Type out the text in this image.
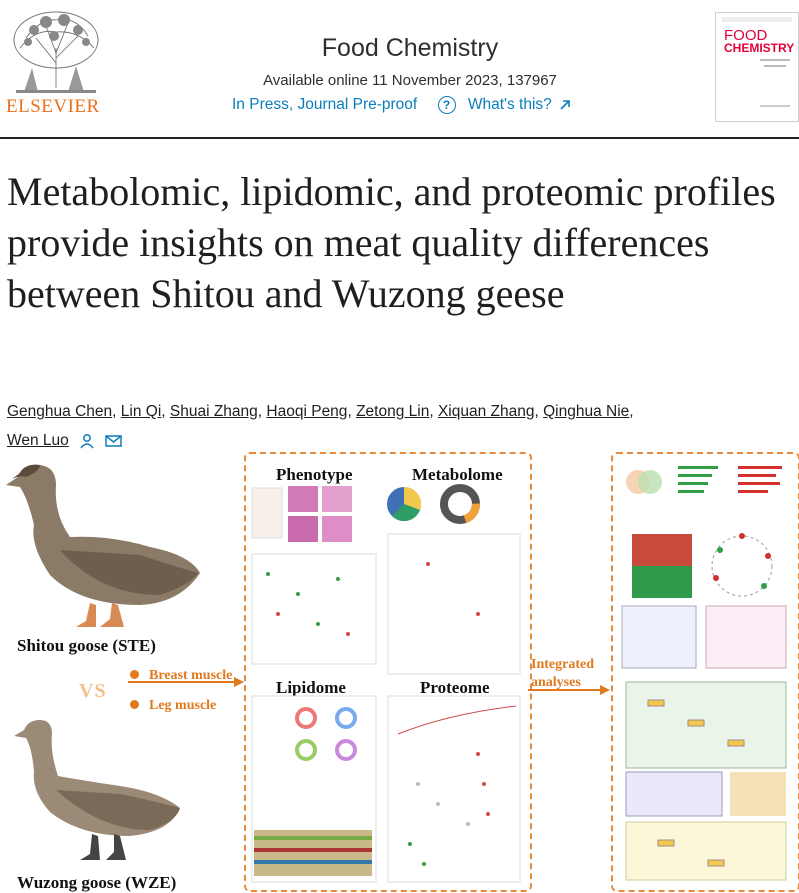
ELSEVIER
Food Chemistry
Available online 11 November 2023, 137967
In Press, Journal Pre-proof ? What's this?
FOOD
CHEMISTRY
Metabolomic, lipidomic, and proteomic profiles provide insights on meat quality differences between Shitou and Wuzong geese
Genghua Chen, Lin Qi, Shuai Zhang, Haoqi Peng, Zetong Lin, Xiquan Zhang, Qinghua Nie,
Wen Luo
Shitou goose (STE)
VS
Breast muscle
Leg muscle
Wuzong goose (WZE)
Phenotype	Metabolome
Lipidome	Proteome
Integrated analyses
